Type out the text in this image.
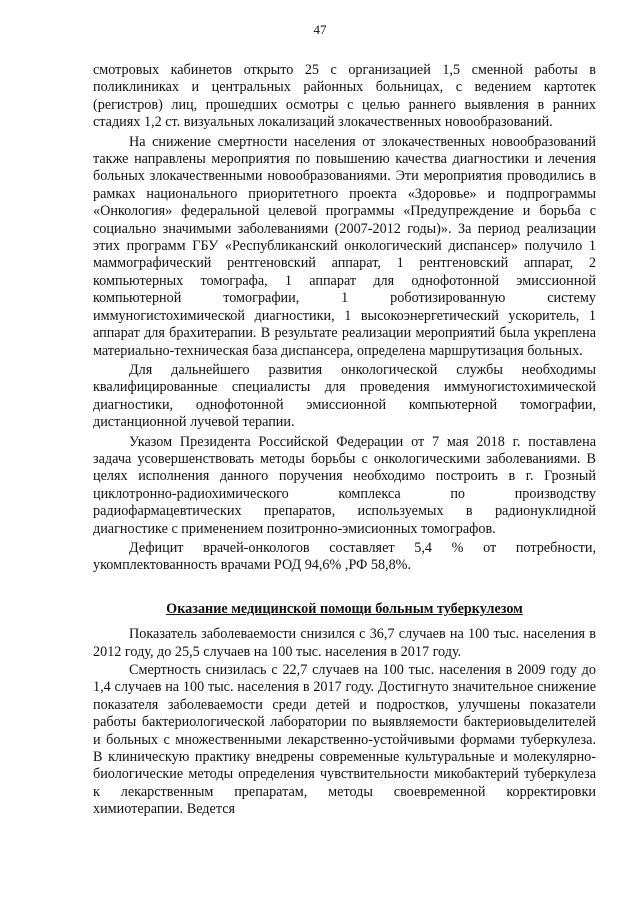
47

смотровых кабинетов открыто 25 с организацией 1,5 сменной работы в поликлиниках и центральных районных больницах, с ведением картотек (регистров) лиц, прошедших осмотры с целью раннего выявления в ранних стадиях 1,2 ст. визуальных локализаций злокачественных новообразований.

На снижение смертности населения от злокачественных новообразований также направлены мероприятия по повышению качества диагностики и лечения больных злокачественными новообразованиями. Эти мероприятия проводились в рамках национального приоритетного проекта «Здоровье» и подпрограммы «Онкология» федеральной целевой программы «Предупреждение и борьба с социально значимыми заболеваниями (2007-2012 годы)». За период реализации этих программ ГБУ «Республиканский онкологический диспансер» получило 1 маммографический рентгеновский аппарат, 1 рентгеновский аппарат, 2 компьютерных томографа, 1 аппарат для однофотонной эмиссионной компьютерной томографии, 1 роботизированную систему иммуногистохимической диагностики, 1 высокоэнергетический ускоритель, 1 аппарат для брахитерапии. В результате реализации мероприятий была укреплена материально-техническая база диспансера, определена маршрутизация больных.

Для дальнейшего развития онкологической службы необходимы квалифицированные специалисты для проведения иммуногистохимической диагностики, однофотонной эмиссионной компьютерной томографии, дистанционной лучевой терапии.

Указом Президента Российской Федерации от 7 мая 2018 г. поставлена задача усовершенствовать методы борьбы с онкологическими заболеваниями. В целях исполнения данного поручения необходимо построить в г. Грозный циклотронно-радиохимического комплекса по производству радиофармацевтических препаратов, используемых в радионуклидной диагностике с применением позитронно-эмисионных томографов.

Дефицит врачей-онкологов составляет 5,4 % от потребности, укомплектованность врачами РОД 94,6% ,РФ 58,8%.

Оказание медицинской помощи больным туберкулезом

Показатель заболеваемости снизился с 36,7 случаев на 100 тыс. населения в 2012 году, до 25,5 случаев на 100 тыс. населения в 2017 году.

Смертность снизилась с 22,7 случаев на 100 тыс. населения в 2009 году до 1,4 случаев на 100 тыс. населения в 2017 году. Достигнуто значительное снижение показателя заболеваемости среди детей и подростков, улучшены показатели работы бактериологической лаборатории по выявляемости бактериовыделителей и больных с множественными лекарственно-устойчивыми формами туберкулеза. В клиническую практику внедрены современные культуральные и молекулярно-биологические методы определения чувствительности микобактерий туберкулеза к лекарственным препаратам, методы своевременной корректировки химиотерапии. Ведется
